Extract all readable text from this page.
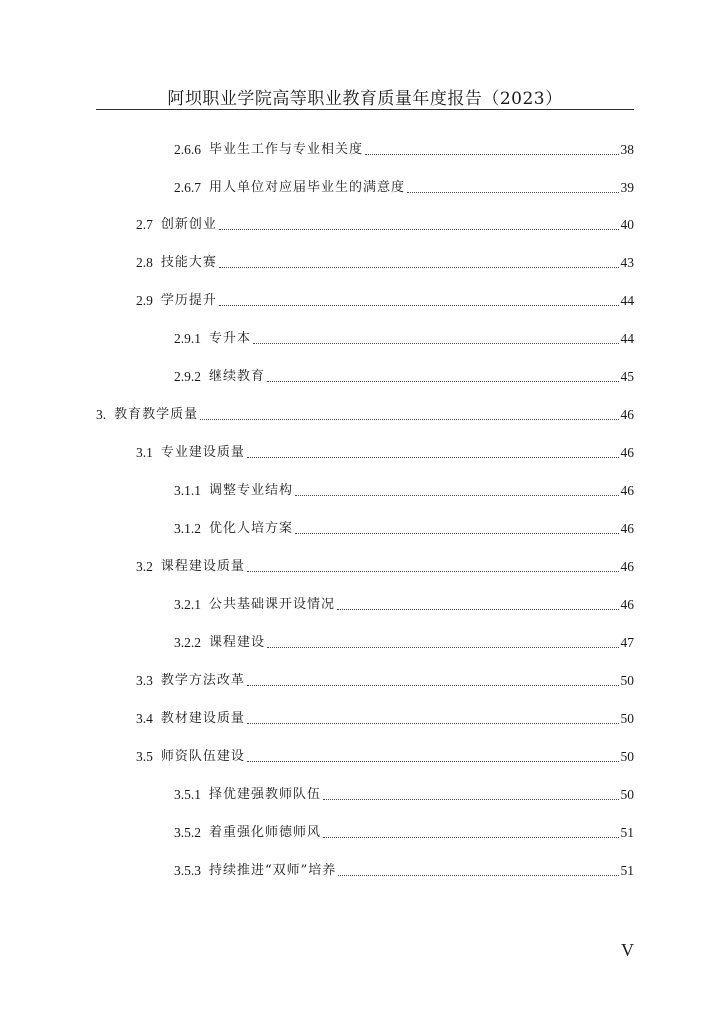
阿坝职业学院高等职业教育质量年度报告（2023）
2.6.6 毕业生工作与专业相关度	38
2.6.7 用人单位对应届毕业生的满意度	39
2.7 创新创业	40
2.8 技能大赛	43
2.9 学历提升	44
2.9.1 专升本	44
2.9.2 继续教育	45
3. 教育教学质量	46
3.1 专业建设质量	46
3.1.1 调整专业结构	46
3.1.2 优化人培方案	46
3.2 课程建设质量	46
3.2.1 公共基础课开设情况	46
3.2.2 课程建设	47
3.3 教学方法改革	50
3.4 教材建设质量	50
3.5 师资队伍建设	50
3.5.1 择优建强教师队伍	50
3.5.2 着重强化师德师风	51
3.5.3 持续推进“双师”培养	51
V
